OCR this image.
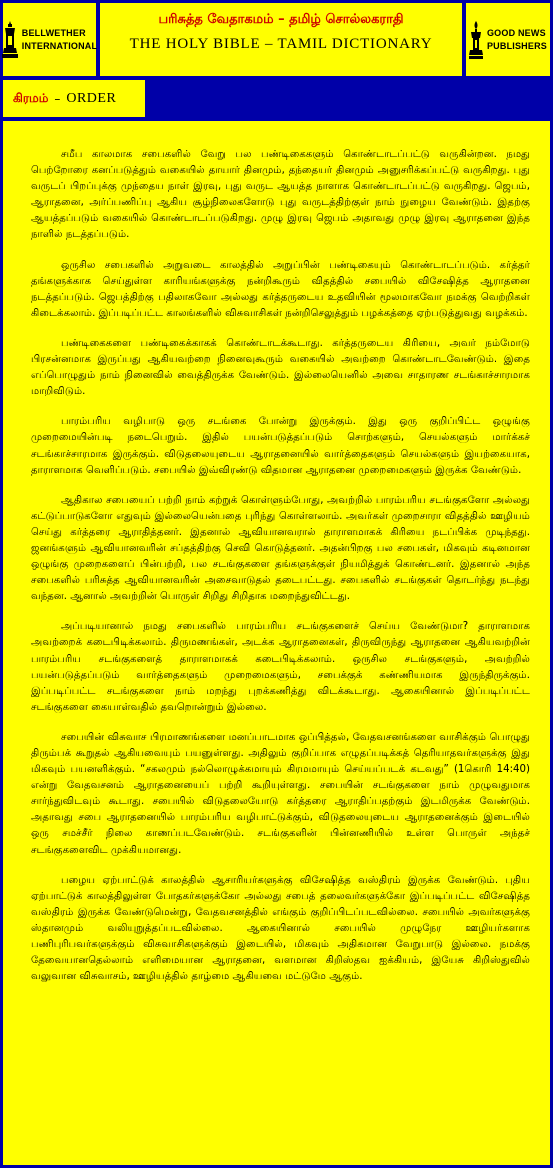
BELLWETHER
INTERNATIONAL
பரிசுத்த வேதாகமம் – தமிழ் சொல்லகராதி
THE HOLY BIBLE – TAMIL DICTIONARY
GOOD NEWS
PUBLISHERS
கிரமம் – ORDER

சமீப காலமாக சபைகளில் வேறு பல பண்டிகைகளும் கொண்டாடப்பட்டு வருகின்றன. நமது பெற்றோரை கனப்படுத்தும் வகையில் தாயார் தினமும், தந்தையர் தினமும் அனுசரிக்கப்பட்டு வருகிறது. புது வருடப் பிறப்புக்கு முந்தைய நாள் இரவு, புது வருட ஆயத்த நாளாக கொண்டாடப்பட்டு வருகிறது. ஜெபம், ஆராதனை, அர்ப்பணிப்பு ஆகிய சூழ்நிலைகளோடு புது வருடத்திற்குள் நாம் நுழைய வேண்டும். இதற்கு ஆயத்தப்படும் வகையில் கொண்டாடப்படுகிறது. முழு இரவு ஜெபம் அதாவது முழு இரவு ஆராதனை இந்த நாளில் நடத்தப்படும்.

ஒருசில சபைகளில் அறுவடை காலத்தில் அறுப்பின் பண்டிகையும் கொண்டாடப்படும். கர்த்தர் தங்களுக்காக செய்துள்ள காரியங்களுக்கு நன்றிகூரும் விதத்தில் சபையில் விசேஷித்த ஆராதனை நடத்தப்படும். ஜெபத்திற்கு பதிலாகவோ அல்லது கர்த்தருடைய உதவியின் மூலமாகவோ நமக்கு வெற்றிகள் கிடைக்கலாம். இப்படிப்பட்ட காலங்களில் விசுவாசிகள் நன்றிசெலுத்தும் பழக்கத்தை ஏற்படுத்துவது வழக்கம்.

பண்டிகைகளை பண்டிகைக்காகக் கொண்டாடக்கூடாது. கர்த்தருடைய கிரியை, அவர் நம்மோடு பிரசன்னமாக இருப்பது ஆகியவற்றை நினைவுகூரும் வகையில் அவற்றை கொண்டாடவேண்டும். இதை எப்பொழுதும் நாம் நினைவில் வைத்திருக்க வேண்டும். இல்லையெனில் அவை சாதாரண சடங்காச்சாரமாக மாறிவிடும்.

பாரம்பரிய வழிபாடு ஒரு சடங்கை போன்று இருக்கும். இது ஒரு குறிப்பிட்ட ஒழுங்கு முறைமையின்படி நடைபெறும். இதில் பயன்படுத்தப்படும் சொற்களும், செயல்களும் மார்க்கச் சடங்காச்சாரமாக இருக்கும். விடுதலையுடைய ஆராதனையில் வார்த்தைகளும் செயல்களும் இயற்கையாக, தாராளமாக வெளிப்படும். சபையில் இவ்விரண்டு விதமான ஆராதனை முறைமைகளும் இருக்க வேண்டும்.

ஆதிகால சபையைப் பற்றி நாம் கற்றுக் கொள்ளும்போது, அவற்றில் பாரம்பரிய சடங்குகளோ அல்லது கட்டுப்பாடுகளோ எதுவும் இல்லையென்பதை புரிந்து கொள்ளலாம். அவர்கள் முறைசாரா விதத்தில் ஊழியம் செய்து கர்த்தரை ஆராதித்தனர். இதனால் ஆவியானவரால் தாராளமாகக் கிரியை நடப்பிக்க முடிந்தது. ஜனங்களும் ஆவியானவரின் சப்தத்திற்கு செவி கொடுத்தனர். அதன்பிறகு பல சபைகள், மிகவும் கடினமான ஒழுங்கு முறைகளைப் பின்பற்றி, பல சடங்குகளை தங்களுக்குள் நியமித்துக் கொண்டனர். இதனால் அந்த சபைகளில் பரிசுத்த ஆவியானவரின் அசைவாடுதல் தடைபட்டது. சபைகளில் சடங்குகள் தொடர்ந்து நடந்து வந்தன. ஆனால் அவற்றின் பொருள் சிறிது சிறிதாக மறைந்துவிட்டது.

அப்படியானால் நமது சபைகளில் பாரம்பரிய சடங்குகளைச் செய்ய வேண்டுமா? தாராளமாக அவற்றைக் கடைபிடிக்கலாம். திருமணங்கள், அடக்க ஆராதனைகள், திருவிருந்து ஆராதனை ஆகியவற்றின் பாரம்பரிய சடங்குகளைத் தாராளமாகக் கடைபிடிக்கலாம். ஒருசில சடங்குகளும், அவற்றில் பயன்படுத்தப்படும் வார்த்தைகளும் முறைமைகளும், சபைக்குக் கண்ணியமாக இருந்திருக்கும். இப்படிப்பட்ட சடங்குகளை நாம் மறந்து புறக்கணித்து விடக்கூடாது. ஆகையினால் இப்படிப்பட்ட சடங்குகளை கையாள்வதில் தவறொன்றும் இல்லை.

சபையின் விசுவாச பிரமாணங்களை மனப்பாடமாக ஒப்பித்தல், வேதவசனங்களை வாசிக்கும் பொழுது திரும்பக் கூறுதல் ஆகியவையும் பயனுள்ளது. அதிலும் குறிப்பாக எழுதப்படிக்கத் தெரியாதவர்களுக்கு இது மிகவும் பயனளிக்கும். “சகலமும் நல்லொழுக்கமாயும் கிரமமாயும் செய்யப்படக் கடவது” (1கொரி 14:40) என்று வேதவசனம் ஆராதனையைப் பற்றி கூறியுள்ளது. சபையின் சடங்குகளை நாம் முழுவதுமாக சார்ந்துவிடவும் கூடாது. சபையில் விடுதலையோடு கர்த்தரை ஆராதிப்பதற்கும் இடமிருக்க வேண்டும். அதாவது சபை ஆராதனையில் பாரம்பரிய வழிபாட்டுக்கும், விடுதலையுடைய ஆராதனைக்கும் இடையில் ஒரு சமச்சீர் நிலை காணப்படவேண்டும். சடங்குகளின் பின்னணியில் உள்ள பொருள் அந்தச் சடங்குகளைவிட முக்கியமானது.

பழைய ஏற்பாட்டுக் காலத்தில் ஆசாரியர்களுக்கு விசேஷித்த வஸ்திரம் இருக்க வேண்டும். புதிய ஏற்பாட்டுக் காலத்திலுள்ள போதகர்களுக்கோ அல்லது சபைத் தலைவர்களுக்கோ இப்படிப்பட்ட விசேஷித்த வஸ்திரம் இருக்க வேண்டுமென்று, வேதவசனத்தில் எங்கும் குறிப்பிடப்படவில்லை. சபையில் அவர்களுக்கு ஸ்தானமும் வலியுறுத்தப்படவில்லை. ஆகையினால் சபையில் முழுநேர ஊழியர்களாக பணிபுரிபவர்களுக்கும் விசுவாசிகளுக்கும் இடையில், மிகவும் அதிகமான வேறுபாடு இல்லை. நமக்கு தேவையானதெல்லாம் எளிமையான ஆராதனை, வளமான கிறிஸ்தவ ஐக்கியம், இயேசு கிறிஸ்துவில் வலுவான விசுவாசம், ஊழியத்தில் தாழ்மை ஆகியவை மட்டுமே ஆகும்.
